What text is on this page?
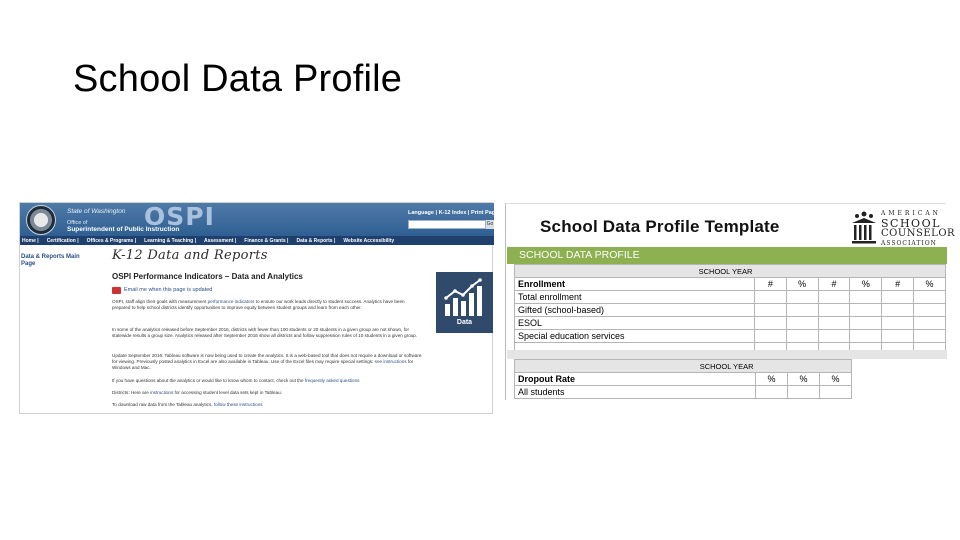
School Data Profile
State of Washington OSPI
Office of
Superintendent of Public Instruction
Language | K-12 Index | Print Page
Go
Home |	Certification |	Offices & Programs |	Learning & Teaching |	Assessment |	Finance & Grants |	Data & Reports |	Website Accessibility
Data & Reports Main Page
K-12 Data and Reports
OSPI Performance Indicators – Data and Analytics
Email me when this page is updated
OSPI, staff align their goals with measurement performance indicators to ensure our work leads directly to student success. Analytics have been prepared to help school districts identify opportunities to improve equity between student groups and learn from each other.
In some of the analytics released before September 2016, districts with fewer than 100 students or 20 students in a given group are not shown, for statewide results a group size. Analytics released after September 2016 show all districts and follow suppression rules of 10 students in a given group.
Update September 2016: Tableau software is now being used to create the analytics. It is a web-based tool that does not require a download or software for viewing. Previously posted analytics in Excel are also available in Tableau. Use of the Excel files may require special settings: see instructions for Windows and Mac.
If you have questions about the analytics or would like to know whom to contact, check out the frequently asked questions
Districts: Here are instructions for accessing student level data sets kept in Tableau.
To download raw data from the Tableau analytics, follow these instructions
Data
School Data Profile Template
AMERICAN
SCHOOL
COUNSELOR
ASSOCIATION
SCHOOL DATA PROFILE
SCHOOL YEAR						
Enrollment	#	%	#	%	#	%
Total enrollment						
Gifted (school-based)						
ESOL						
Special education services						

SCHOOL YEAR			
Dropout Rate	%	%	%
All students			
